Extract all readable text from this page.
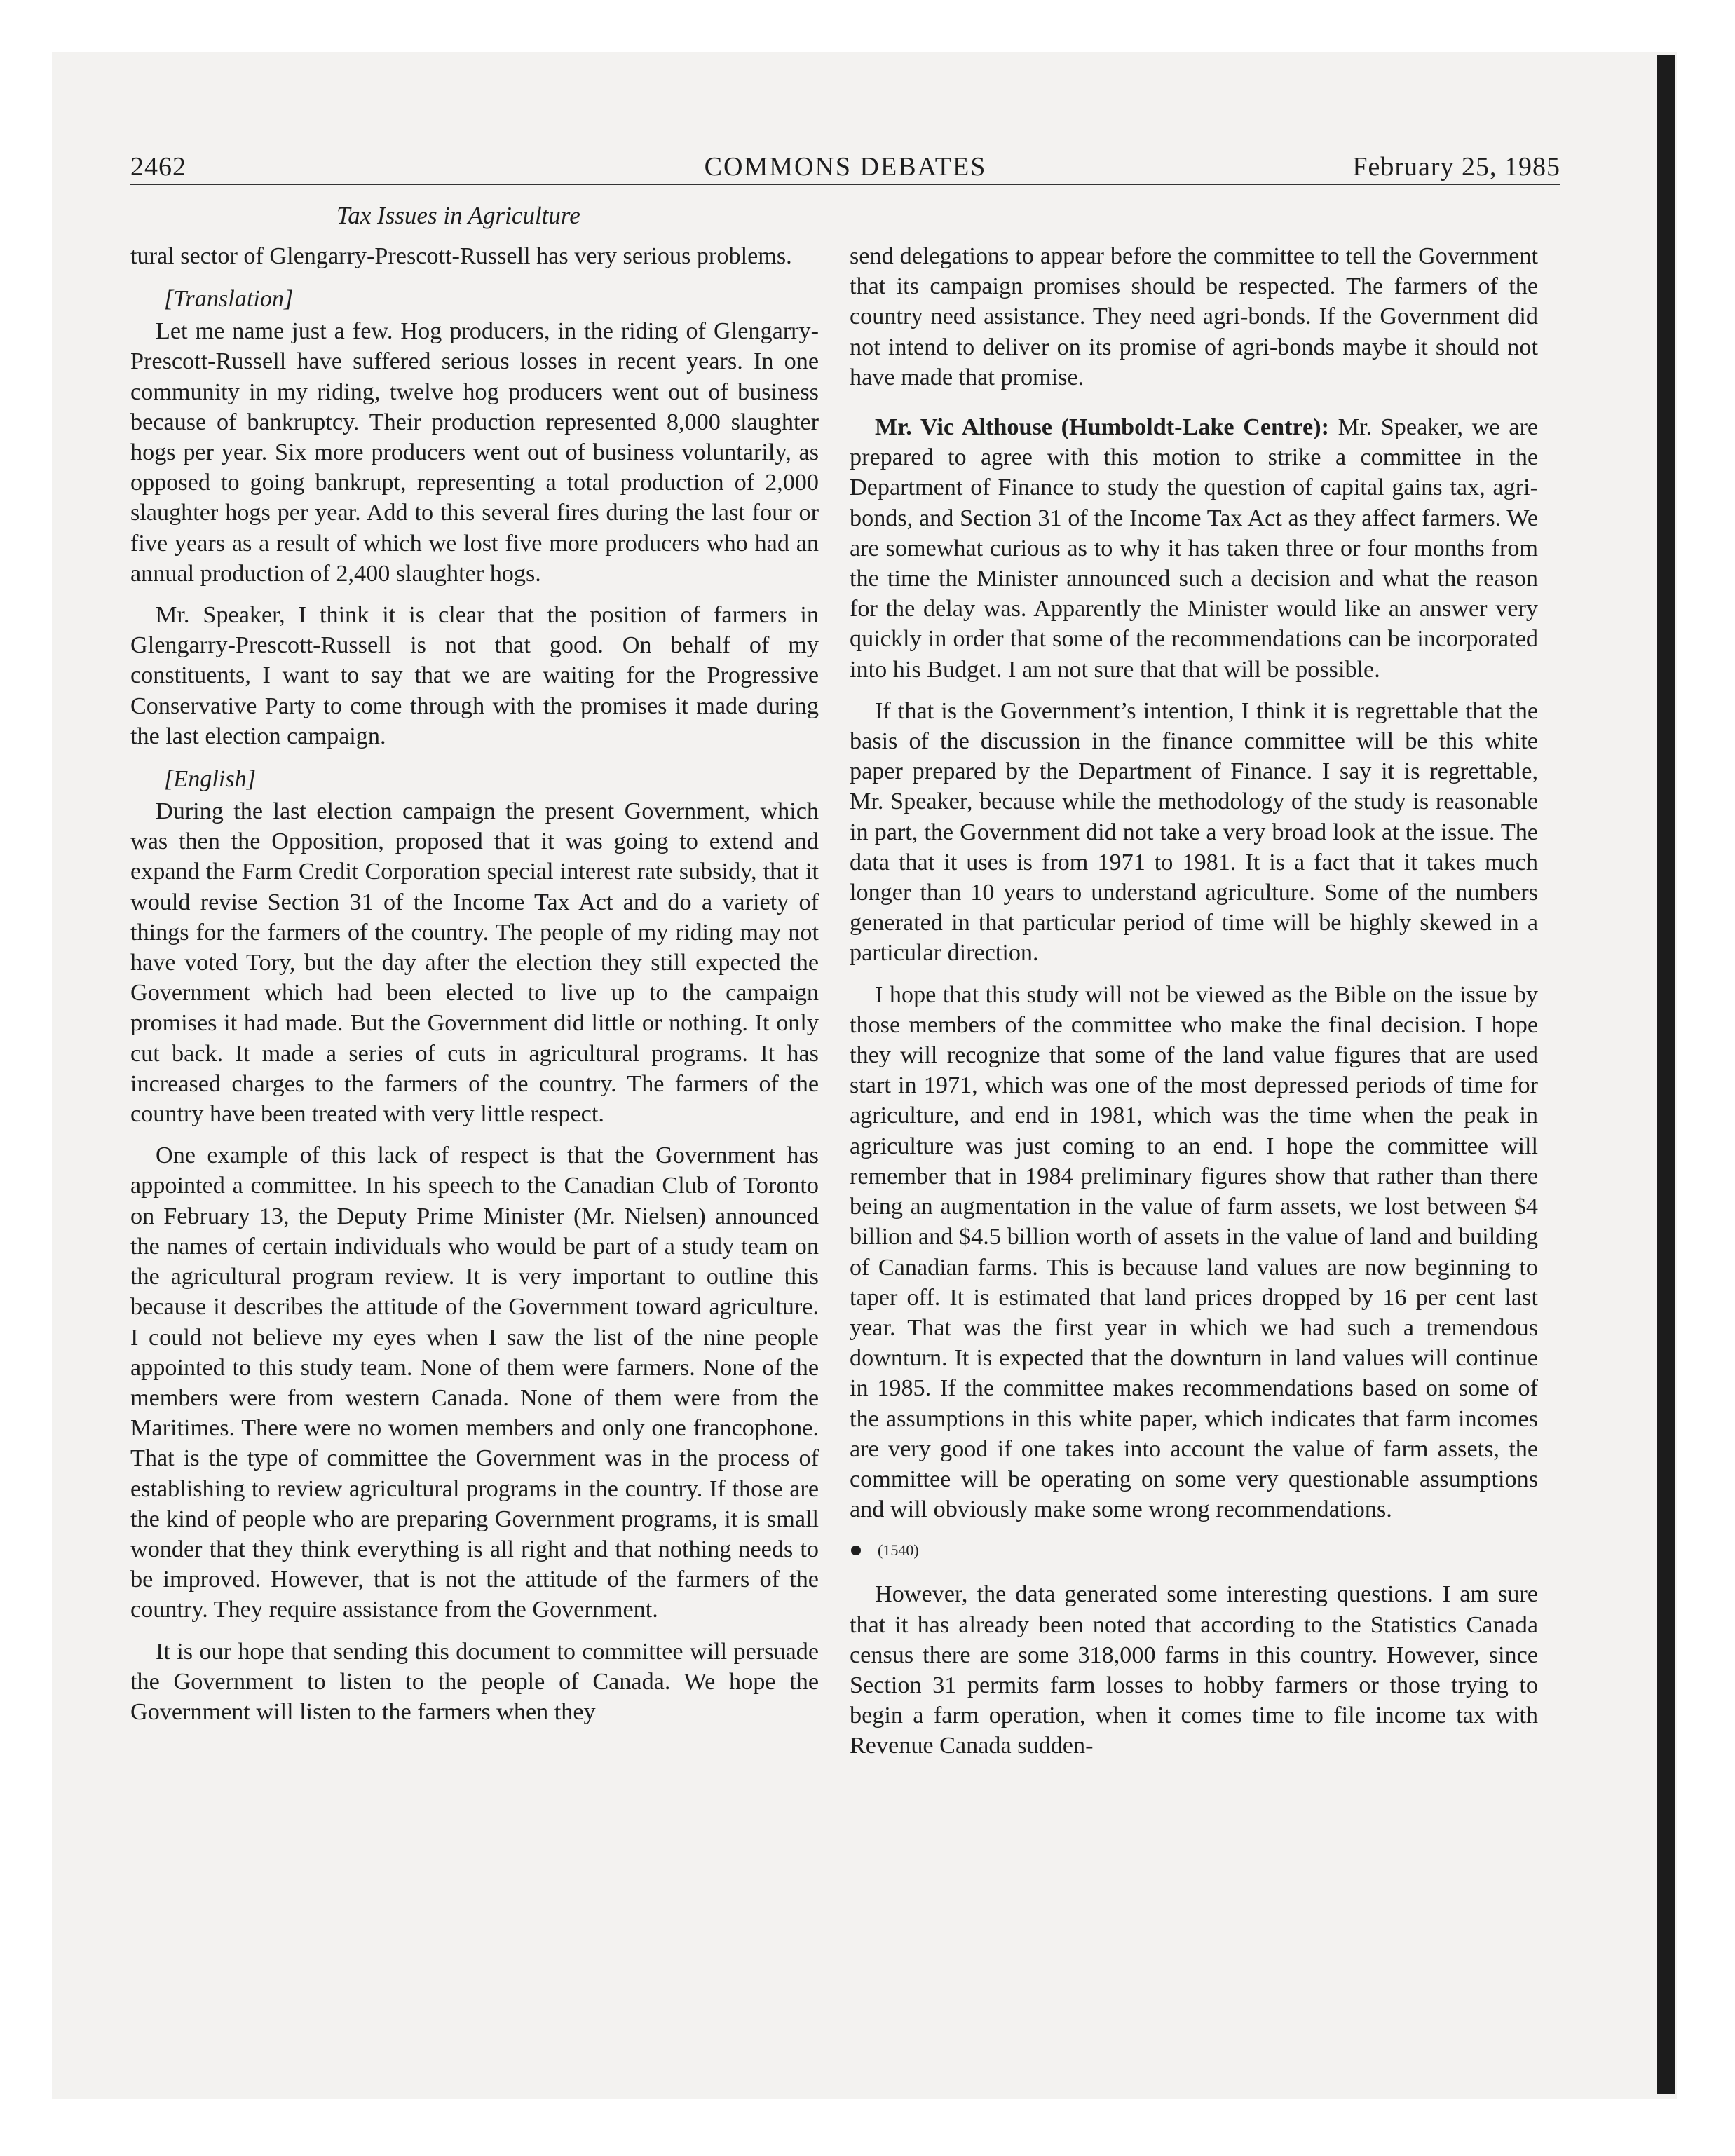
2462	COMMONS DEBATES	February 25, 1985
Tax Issues in Agriculture

tural sector of Glengarry-Prescott-Russell has very serious problems.

[Translation]

Let me name just a few. Hog producers, in the riding of Glengarry-Prescott-Russell have suffered serious losses in recent years. In one community in my riding, twelve hog producers went out of business because of bankruptcy. Their production represented 8,000 slaughter hogs per year. Six more producers went out of business voluntarily, as opposed to going bankrupt, representing a total production of 2,000 slaughter hogs per year. Add to this several fires during the last four or five years as a result of which we lost five more producers who had an annual production of 2,400 slaughter hogs.

Mr. Speaker, I think it is clear that the position of farmers in Glengarry-Prescott-Russell is not that good. On behalf of my constituents, I want to say that we are waiting for the Progressive Conservative Party to come through with the promises it made during the last election campaign.

[English]

During the last election campaign the present Government, which was then the Opposition, proposed that it was going to extend and expand the Farm Credit Corporation special interest rate subsidy, that it would revise Section 31 of the Income Tax Act and do a variety of things for the farmers of the country. The people of my riding may not have voted Tory, but the day after the election they still expected the Government which had been elected to live up to the campaign promises it had made. But the Government did little or nothing. It only cut back. It made a series of cuts in agricultural programs. It has increased charges to the farmers of the country. The farmers of the country have been treated with very little respect.

One example of this lack of respect is that the Government has appointed a committee. In his speech to the Canadian Club of Toronto on February 13, the Deputy Prime Minister (Mr. Nielsen) announced the names of certain individuals who would be part of a study team on the agricultural program review. It is very important to outline this because it describes the attitude of the Government toward agriculture. I could not believe my eyes when I saw the list of the nine people appointed to this study team. None of them were farmers. None of the members were from western Canada. None of them were from the Maritimes. There were no women members and only one francophone. That is the type of committee the Government was in the process of establishing to review agricultural programs in the country. If those are the kind of people who are preparing Government programs, it is small wonder that they think everything is all right and that nothing needs to be improved. However, that is not the attitude of the farmers of the country. They require assistance from the Government.

It is our hope that sending this document to committee will persuade the Government to listen to the people of Canada. We hope the Government will listen to the farmers when they

send delegations to appear before the committee to tell the Government that its campaign promises should be respected. The farmers of the country need assistance. They need agri-bonds. If the Government did not intend to deliver on its promise of agri-bonds maybe it should not have made that promise.

Mr. Vic Althouse (Humboldt-Lake Centre): Mr. Speaker, we are prepared to agree with this motion to strike a committee in the Department of Finance to study the question of capital gains tax, agri-bonds, and Section 31 of the Income Tax Act as they affect farmers. We are somewhat curious as to why it has taken three or four months from the time the Minister announced such a decision and what the reason for the delay was. Apparently the Minister would like an answer very quickly in order that some of the recommendations can be incorporated into his Budget. I am not sure that that will be possible.

If that is the Government’s intention, I think it is regrettable that the basis of the discussion in the finance committee will be this white paper prepared by the Department of Finance. I say it is regrettable, Mr. Speaker, because while the methodology of the study is reasonable in part, the Government did not take a very broad look at the issue. The data that it uses is from 1971 to 1981. It is a fact that it takes much longer than 10 years to understand agriculture. Some of the numbers generated in that particular period of time will be highly skewed in a particular direction.

I hope that this study will not be viewed as the Bible on the issue by those members of the committee who make the final decision. I hope they will recognize that some of the land value figures that are used start in 1971, which was one of the most depressed periods of time for agriculture, and end in 1981, which was the time when the peak in agriculture was just coming to an end. I hope the committee will remember that in 1984 preliminary figures show that rather than there being an augmentation in the value of farm assets, we lost between $4 billion and $4.5 billion worth of assets in the value of land and building of Canadian farms. This is because land values are now beginning to taper off. It is estimated that land prices dropped by 16 per cent last year. That was the first year in which we had such a tremendous downturn. It is expected that the downturn in land values will continue in 1985. If the committee makes recommendations based on some of the assumptions in this white paper, which indicates that farm incomes are very good if one takes into account the value of farm assets, the committee will be operating on some very questionable assumptions and will obviously make some wrong recommendations.

(1540)

However, the data generated some interesting questions. I am sure that it has already been noted that according to the Statistics Canada census there are some 318,000 farms in this country. However, since Section 31 permits farm losses to hobby farmers or those trying to begin a farm operation, when it comes time to file income tax with Revenue Canada sudden-
